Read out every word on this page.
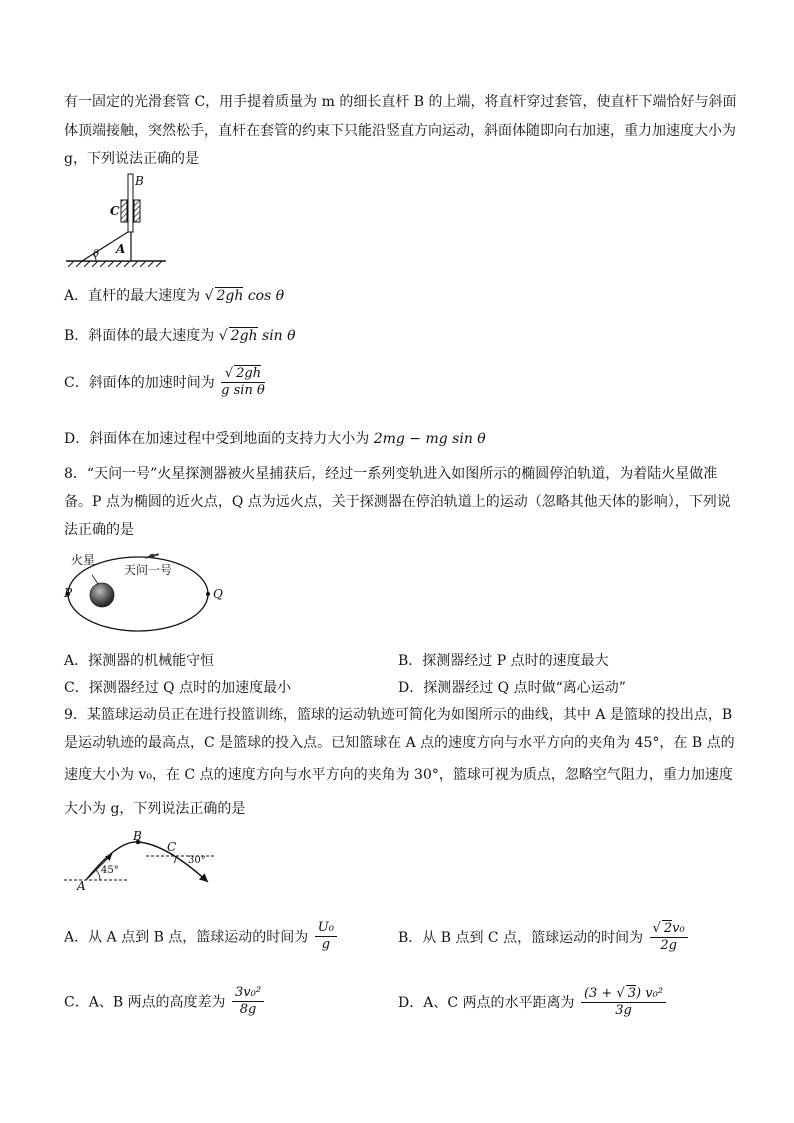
有一固定的光滑套管 C，用手提着质量为 m 的细长直杆 B 的上端，将直杆穿过套管，使直杆下端恰好与斜面
体顶端接触，突然松手，直杆在套管的约束下只能沿竖直方向运动，斜面体随即向右加速，重力加速度大小为
g，下列说法正确的是
B
C
A
θ
A．直杆的最大速度为 √ 2gh cos θ
B．斜面体的最大速度为 √ 2gh sin θ
C．斜面体的加速时间为 $\frac{√ 2gh}{\text{g sin θ}}$
D．斜面体在加速过程中受到地面的支持力大小为 2mg − mg sin θ
8．“天问一号”火星探测器被火星捕获后，经过一系列变轨进入如图所示的椭圆停泊轨道，为着陆火星做准
备。P 点为椭圆的近火点，Q 点为远火点，关于探测器在停泊轨道上的运动（忽略其他天体的影响），下列说
法正确的是
火星
天问一号
P	Q
A．探测器的机械能守恒	B．探测器经过 P 点时的速度最大
C．探测器经过 Q 点时的加速度最小	D．探测器经过 Q 点时做“离心运动”
9．某篮球运动员正在进行投篮训练，篮球的运动轨迹可简化为如图所示的曲线，其中 A 是篮球的投出点，B
是运动轨迹的最高点，C 是篮球的投入点。已知篮球在 A 点的速度方向与水平方向的夹角为 45°，在 B 点的
速度大小为 v₀，在 C 点的速度方向与水平方向的夹角为 30°，篮球可视为质点，忽略空气阻力，重力加速度
大小为 g，下列说法正确的是
B
C
A
45°
30°
A．从 A 点到 B 点，篮球运动的时间为 $\frac{\text{U₀}}{g}$	B．从 B 点到 C 点，篮球运动的时间为 $\frac{\text{√ 2v₀}}{2g}$
C．A、B 两点的高度差为 $\frac{\text{3v₀²}}{8g}$	D．A、C 两点的水平距离为 $\frac{\text{(3 + √ 3) v₀²}}{3g}$
